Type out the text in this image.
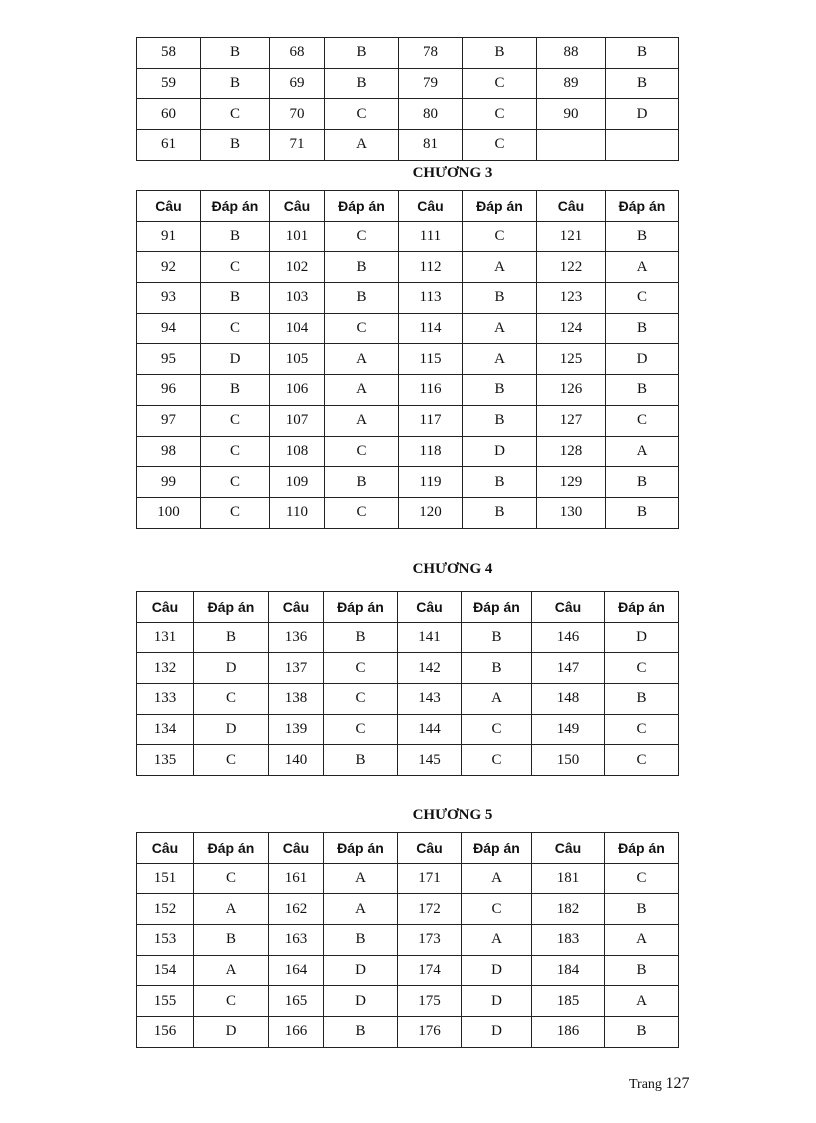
58	B	68	B	78	B	88	B
59	B	69	B	79	C	89	B
60	C	70	C	80	C	90	D
61	B	71	A	81	C		
CHƯƠNG 3
Câu	Đáp án	Câu	Đáp án	Câu	Đáp án	Câu	Đáp án
91	B	101	C	111	C	121	B
92	C	102	B	112	A	122	A
93	B	103	B	113	B	123	C
94	C	104	C	114	A	124	B
95	D	105	A	115	A	125	D
96	B	106	A	116	B	126	B
97	C	107	A	117	B	127	C
98	C	108	C	118	D	128	A
99	C	109	B	119	B	129	B
100	C	110	C	120	B	130	B
CHƯƠNG 4
Câu	Đáp án	Câu	Đáp án	Câu	Đáp án	Câu	Đáp án
131	B	136	B	141	B	146	D
132	D	137	C	142	B	147	C
133	C	138	C	143	A	148	B
134	D	139	C	144	C	149	C
135	C	140	B	145	C	150	C
CHƯƠNG 5
Câu	Đáp án	Câu	Đáp án	Câu	Đáp án	Câu	Đáp án
151	C	161	A	171	A	181	C
152	A	162	A	172	C	182	B
153	B	163	B	173	A	183	A
154	A	164	D	174	D	184	B
155	C	165	D	175	D	185	A
156	D	166	B	176	D	186	B
Trang 127
